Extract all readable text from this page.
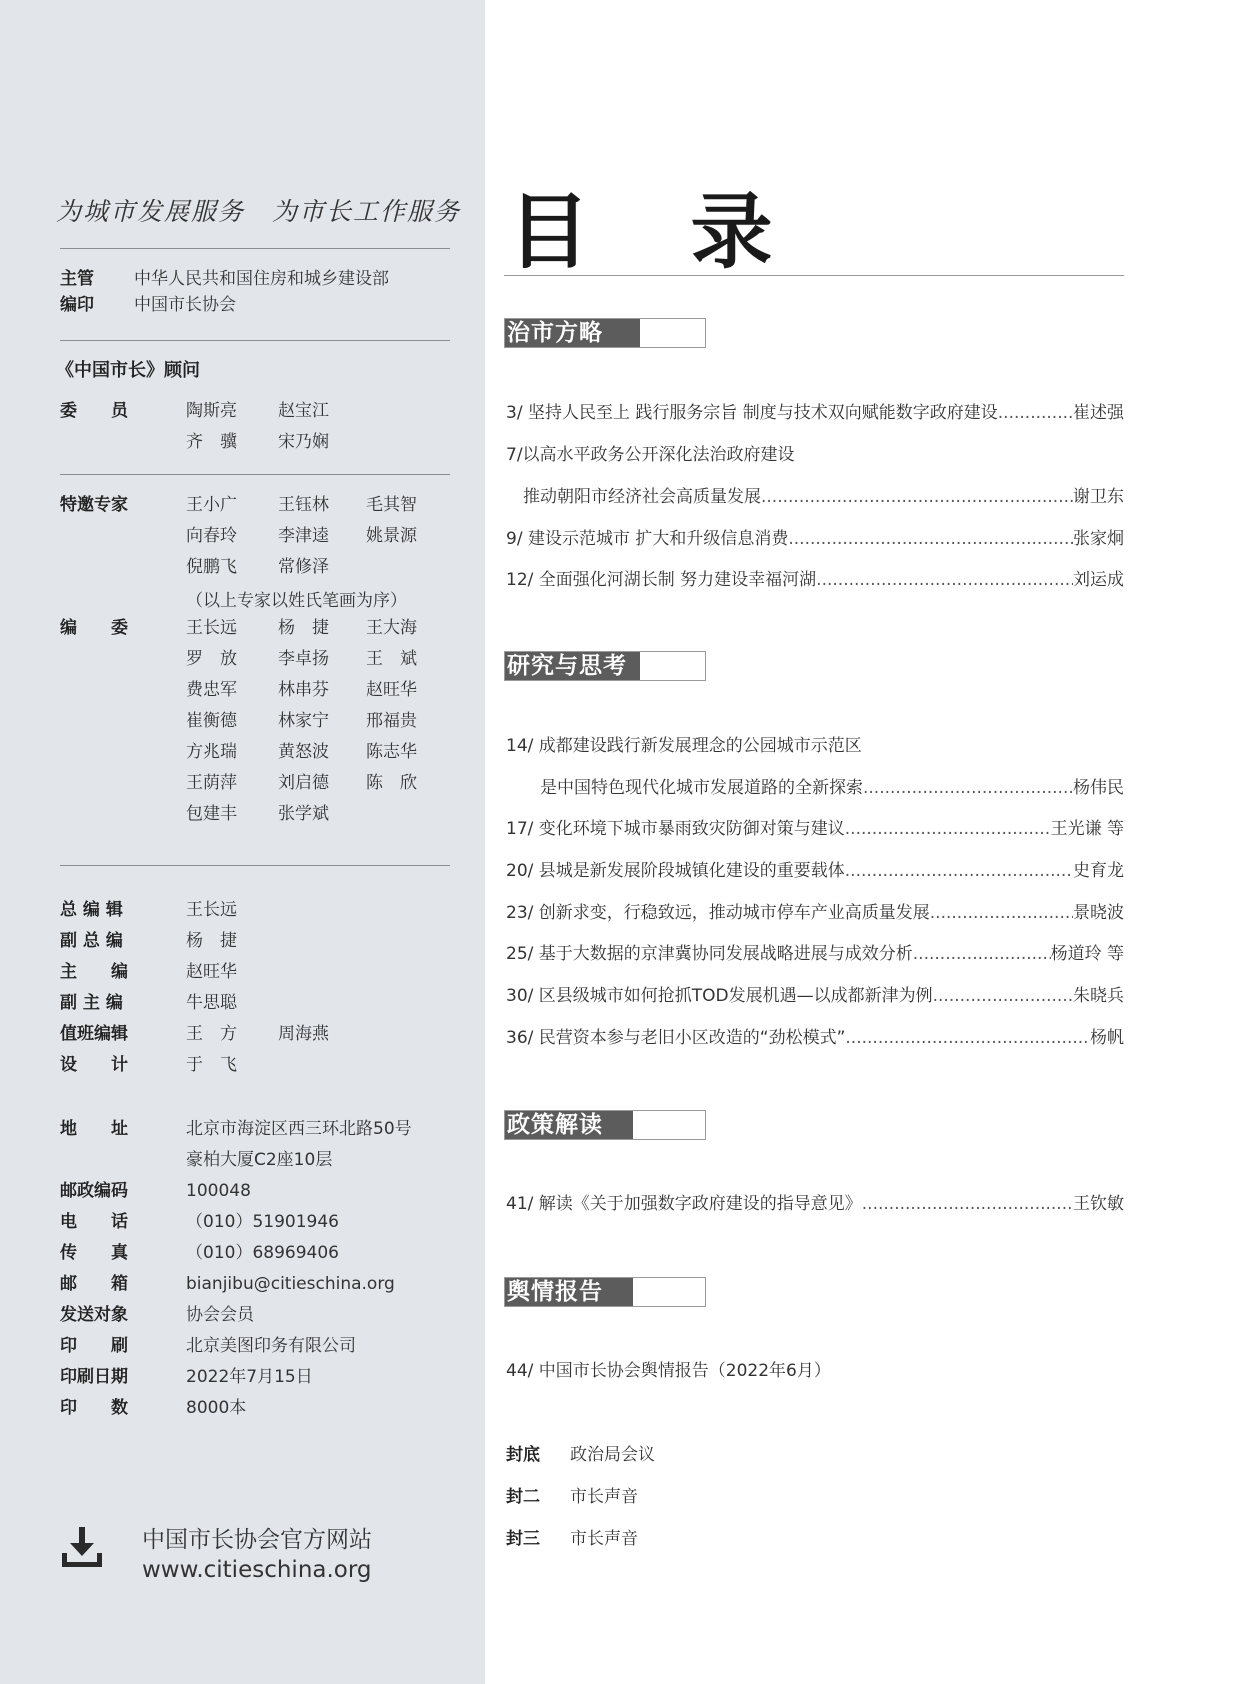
为城市发展服务　为市长工作服务
主管 中华人民共和国住房和城乡建设部
编印 中国市长协会
《中国市长》顾问
委　　员	陶斯亮 赵宝江
齐　骥 宋乃娴
特邀专家	王小广 王钰林 毛其智
向春玲 李津逵 姚景源
倪鹏飞 常修泽
（以上专家以姓氏笔画为序）
编　　委	王长远 杨　捷 王大海
罗　放 李卓扬 王　斌
费忠军 林串芬 赵旺华
崔衡德 林家宁 邢福贵
方兆瑞 黄怒波 陈志华
王荫萍 刘启德 陈　欣
包建丰 张学斌
总 编 辑	王长远
副 总 编	杨　捷
主　　编	赵旺华
副 主 编	牛思聪
值班编辑	王　方 周海燕
设　　计	于　飞
地　　址	北京市海淀区西三环北路50号
豪柏大厦C2座10层
邮政编码	100048
电　　话	（010）51901946
传　　真	（010）68969406
邮　　箱	bianjibu@citieschina.org
发送对象	协会会员
印　　刷	北京美图印务有限公司
印刷日期	2022年7月15日
印　　数	8000本
中国市长协会官方网站
www.citieschina.org
目 录
治市方略
3/ 坚持人民至上 践行服务宗旨 制度与技术双向赋能数字政府建设 .....	崔述强
7/以高水平政务公开深化法治政府建设
　推动朝阳市经济社会高质量发展 .....	谢卫东
9/ 建设示范城市 扩大和升级信息消费 .....	张家炯
12/ 全面强化河湖长制 努力建设幸福河湖 .....	刘运成
研究与思考
14/ 成都建设践行新发展理念的公园城市示范区
　　是中国特色现代化城市发展道路的全新探索 .....	杨伟民
17/ 变化环境下城市暴雨致灾防御对策与建议 .....	王光谦 等
20/ 县城是新发展阶段城镇化建设的重要载体 .....	史育龙
23/ 创新求变，行稳致远，推动城市停车产业高质量发展 .....	景晓波
25/ 基于大数据的京津冀协同发展战略进展与成效分析 .....	杨道玲 等
30/ 区县级城市如何抢抓TOD发展机遇—以成都新津为例 .....	朱晓兵
36/ 民营资本参与老旧小区改造的“劲松模式” .....	杨帆
政策解读
41/ 解读《关于加强数字政府建设的指导意见》 .....	王钦敏
舆情报告
44/ 中国市长协会舆情报告（2022年6月）
封底 政治局会议
封二 市长声音
封三 市长声音
